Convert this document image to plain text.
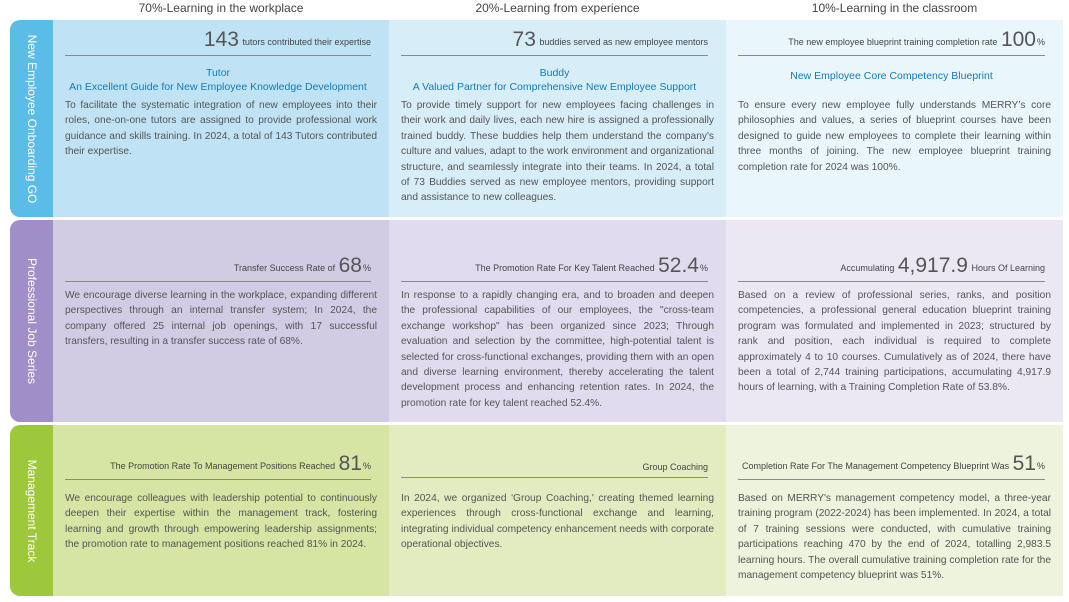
70%-Learning in the workplace	20%-Learning from experience	10%-Learning in the classroom
New Employee Onboarding GO
Professional Job Series
Management Track
143 tutors contributed their expertise
Tutor
An Excellent Guide for New Employee Knowledge Development
To facilitate the systematic integration of new employees into their roles, one-on-one tutors are assigned to provide professional work guidance and skills training. In 2024, a total of 143 Tutors contributed their expertise.
73 buddies served as new employee mentors
Buddy
A Valued Partner for Comprehensive New Employee Support
To provide timely support for new employees facing challenges in their work and daily lives, each new hire is assigned a professionally trained buddy. These buddies help them understand the company's culture and values, adapt to the work environment and organizational structure, and seamlessly integrate into their teams. In 2024, a total of 73 Buddies served as new employee mentors, providing support and assistance to new colleagues.
The new employee blueprint training completion rate 100%
New Employee Core Competency Blueprint
To ensure every new employee fully understands MERRY’s core philosophies and values, a series of blueprint courses have been designed to guide new employees to complete their learning within three months of joining. The new employee blueprint training completion rate for 2024 was 100%.
Transfer Success Rate of 68%
We encourage diverse learning in the workplace, expanding different perspectives through an internal transfer system; In 2024, the company offered 25 internal job openings, with 17 successful transfers, resulting in a transfer success rate of 68%.
The Promotion Rate For Key Talent Reached 52.4%
In response to a rapidly changing era, and to broaden and deepen the professional capabilities of our employees, the "cross-team exchange workshop" has been organized since 2023; Through evaluation and selection by the committee, high-potential talent is selected for cross-functional exchanges, providing them with an open and diverse learning environment, thereby accelerating the talent development process and enhancing retention rates. In 2024, the promotion rate for key talent reached 52.4%.
Accumulating 4,917.9 Hours Of Learning
Based on a review of professional series, ranks, and position competencies, a professional general education blueprint training program was formulated and implemented in 2023; structured by rank and position, each individual is required to complete approximately 4 to 10 courses. Cumulatively as of 2024, there have been a total of 2,744 training participations, accumulating 4,917.9 hours of learning, with a Training Completion Rate of 53.8%.
The Promotion Rate To Management Positions Reached 81%
We encourage colleagues with leadership potential to continuously deepen their expertise within the management track, fostering learning and growth through empowering leadership assignments; the promotion rate to management positions reached 81% in 2024.
Group Coaching
In 2024, we organized 'Group Coaching,' creating themed learning experiences through cross-functional exchange and learning, integrating individual competency enhancement needs with corporate operational objectives.
Completion Rate For The Management Competency Blueprint Was 51%
Based on MERRY's management competency model, a three-year training program (2022-2024) has been implemented. In 2024, a total of 7 training sessions were conducted, with cumulative training participations reaching 470 by the end of 2024, totalling 2,983.5 learning hours. The overall cumulative training completion rate for the management competency blueprint was 51%.
